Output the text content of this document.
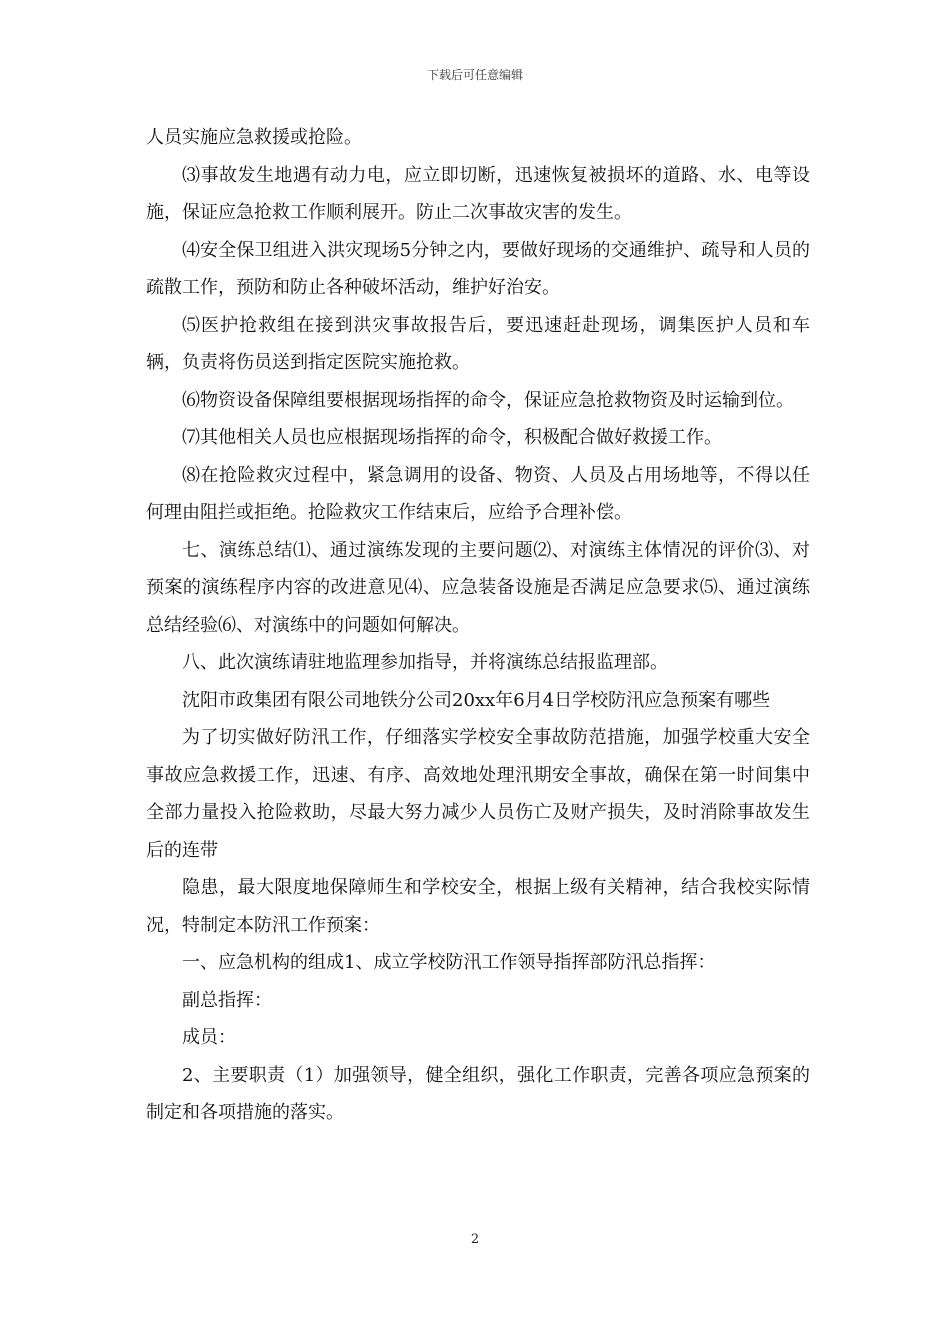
下载后可任意编辑

人员实施应急救援或抢险。

⑶事故发生地遇有动力电，应立即切断，迅速恢复被损坏的道路、水、电等设施，保证应急抢救工作顺利展开。防止二次事故灾害的发生。

⑷安全保卫组进入洪灾现场5分钟之内，要做好现场的交通维护、疏导和人员的疏散工作，预防和防止各种破坏活动，维护好治安。

⑸医护抢救组在接到洪灾事故报告后，要迅速赶赴现场，调集医护人员和车辆，负责将伤员送到指定医院实施抢救。

⑹物资设备保障组要根据现场指挥的命令，保证应急抢救物资及时运输到位。

⑺其他相关人员也应根据现场指挥的命令，积极配合做好救援工作。

⑻在抢险救灾过程中，紧急调用的设备、物资、人员及占用场地等，不得以任何理由阻拦或拒绝。抢险救灾工作结束后，应给予合理补偿。

七、演练总结⑴、通过演练发现的主要问题⑵、对演练主体情况的评价⑶、对预案的演练程序内容的改进意见⑷、应急装备设施是否满足应急要求⑸、通过演练总结经验⑹、对演练中的问题如何解决。

八、此次演练请驻地监理参加指导，并将演练总结报监理部。

沈阳市政集团有限公司地铁分公司20xx年6月4日学校防汛应急预案有哪些

为了切实做好防汛工作，仔细落实学校安全事故防范措施，加强学校重大安全事故应急救援工作，迅速、有序、高效地处理汛期安全事故，确保在第一时间集中全部力量投入抢险救助，尽最大努力减少人员伤亡及财产损失，及时消除事故发生后的连带

隐患，最大限度地保障师生和学校安全，根据上级有关精神，结合我校实际情况，特制定本防汛工作预案：

一、应急机构的组成1、成立学校防汛工作领导指挥部防汛总指挥：

副总指挥：

成员：

2、主要职责（1）加强领导，健全组织，强化工作职责，完善各项应急预案的制定和各项措施的落实。

2
